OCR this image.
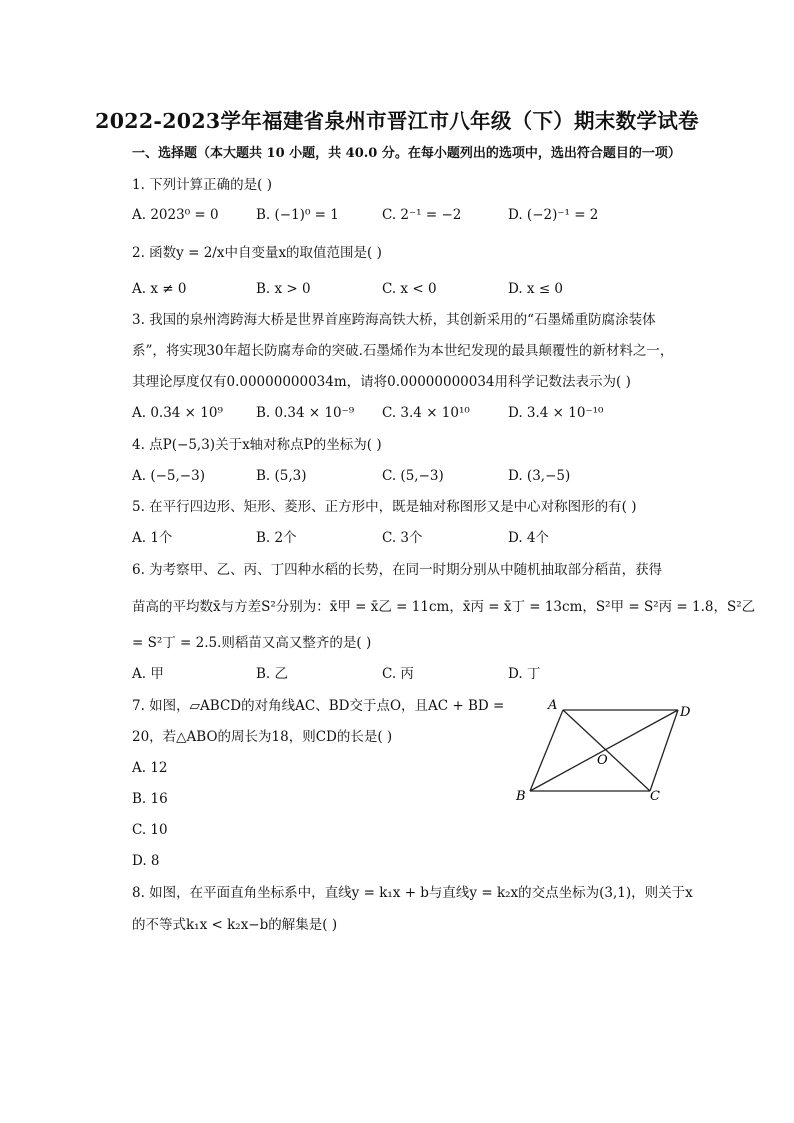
2022-2023学年福建省泉州市晋江市八年级（下）期末数学试卷
一、选择题（本大题共 10 小题，共 40.0 分。在每小题列出的选项中，选出符合题目的一项）
1. 下列计算正确的是( )
A. 2023⁰ = 0	B. (−1)⁰ = 1	C. 2⁻¹ = −2	D. (−2)⁻¹ = 2
2. 函数y = 2/x中自变量x的取值范围是( )
A. x ≠ 0	B. x > 0	C. x < 0	D. x ≤ 0
3. 我国的泉州湾跨海大桥是世界首座跨海高铁大桥，其创新采用的“石墨烯重防腐涂装体
系”，将实现30年超长防腐寿命的突破.石墨烯作为本世纪发现的最具颠覆性的新材料之一，
其理论厚度仅有0.00000000034m，请将0.00000000034用科学记数法表示为( )
A. 0.34 × 10⁹ B. 0.34 × 10⁻⁹ C. 3.4 × 10¹⁰	D. 3.4 × 10⁻¹⁰
4. 点P(−5,3)关于x轴对称点P的坐标为( )
A. (−5,−3)	B. (5,3)	C. (5,−3)	D. (3,−5)
5. 在平行四边形、矩形、菱形、正方形中，既是轴对称图形又是中心对称图形的有( )
A. 1个	B. 2个	C. 3个	D. 4个
6. 为考察甲、乙、丙、丁四种水稻的长势，在同一时期分别从中随机抽取部分稻苗，获得
苗高的平均数x̄与方差S²分别为：x̄甲 = x̄乙 = 11cm，x̄丙 = x̄丁 = 13cm，S²甲 = S²丙 = 1.8，S²乙
= S²丁 = 2.5.则稻苗又高又整齐的是( )
A. 甲	B. 乙	C. 丙	D. 丁
7. 如图，▱ABCD的对角线AC、BD交于点O，且AC + BD =
20，若△ABO的周长为18，则CD的长是( )
A. 12
B. 16
C. 10
D. 8
A	D
B	C
O
8. 如图，在平面直角坐标系中，直线y = k₁x + b与直线y = k₂x的交点坐标为(3,1)，则关于x
的不等式k₁x < k₂x−b的解集是( )
